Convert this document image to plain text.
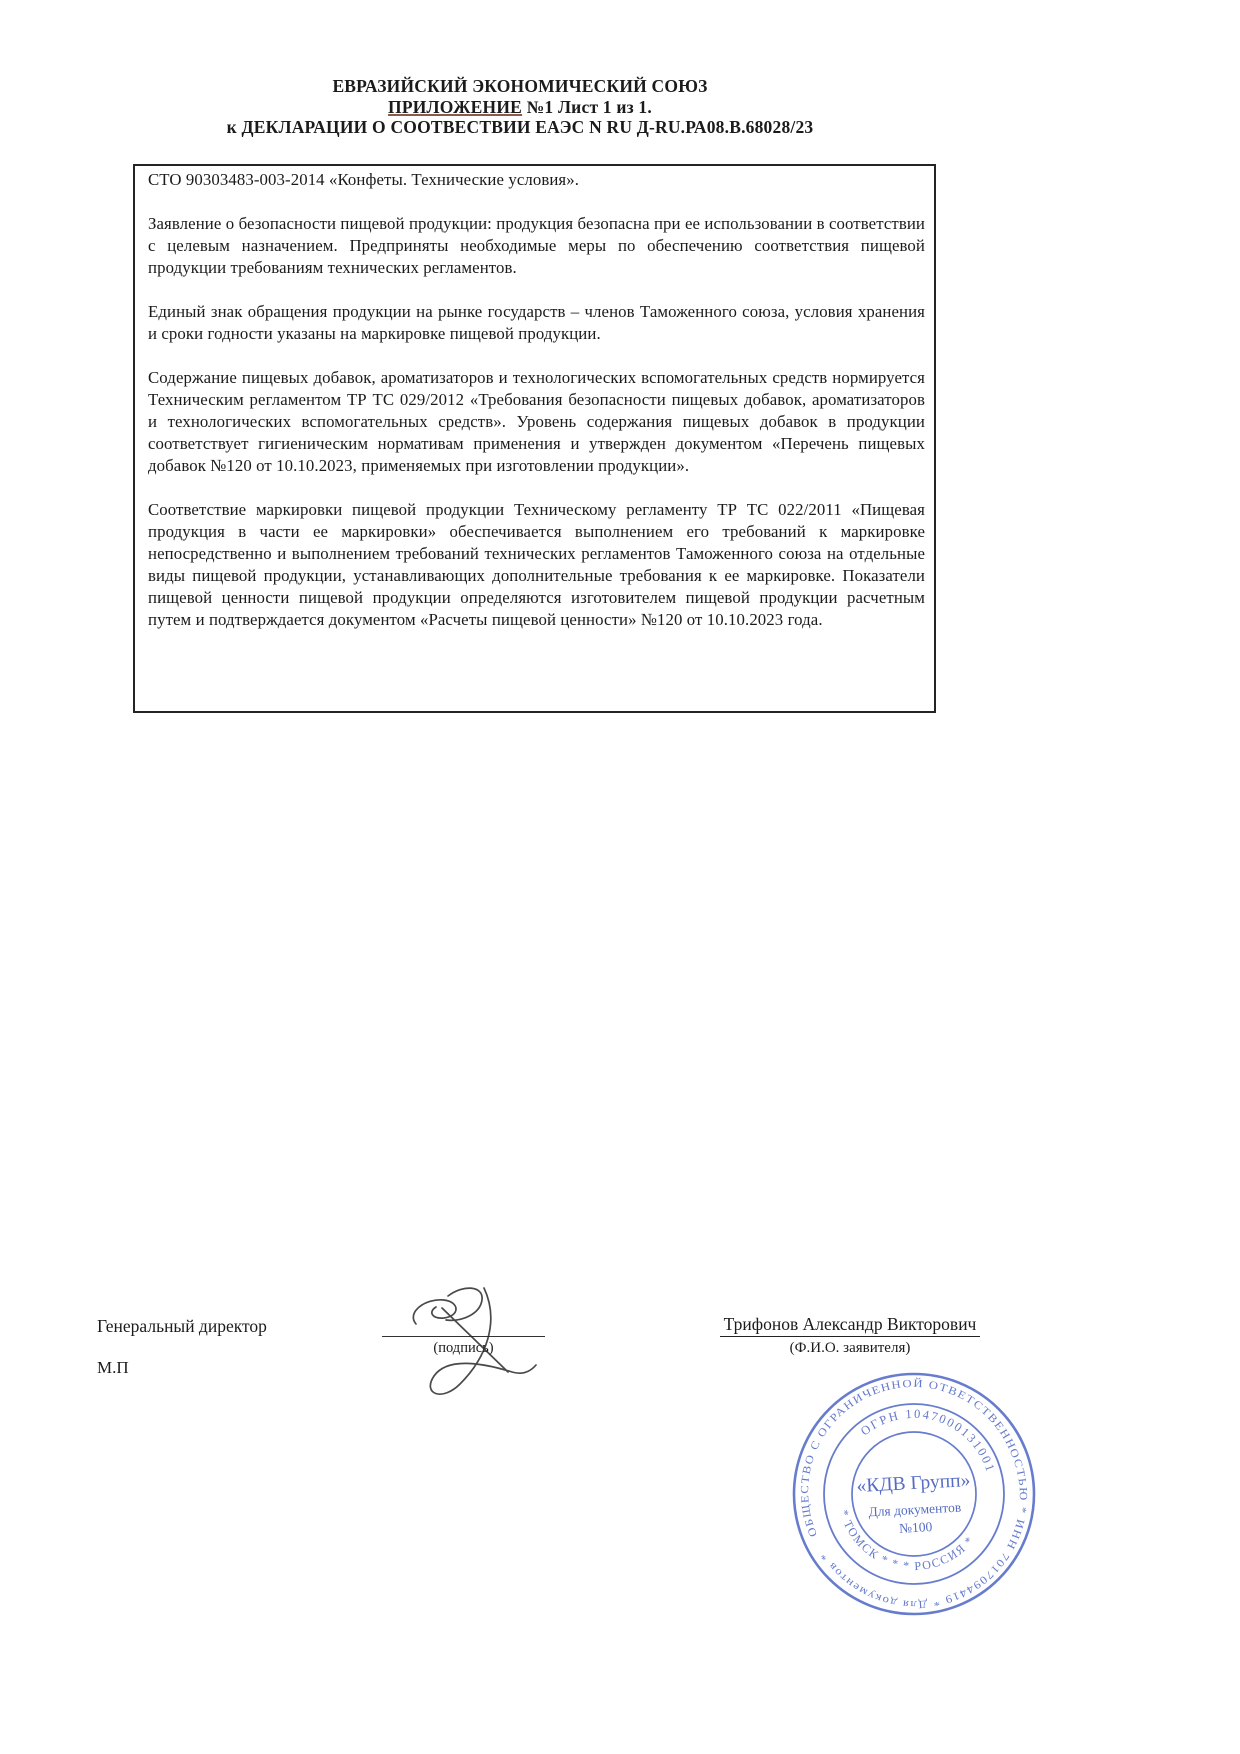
ЕВРАЗИЙСКИЙ ЭКОНОМИЧЕСКИЙ СОЮЗ
ПРИЛОЖЕНИЕ №1 Лист 1 из 1.
к ДЕКЛАРАЦИИ О СООТВЕСТВИИ ЕАЭС N RU Д-RU.РА08.В.68028/23

СТО 90303483-003-2014 «Конфеты. Технические условия».

Заявление о безопасности пищевой продукции: продукция безопасна при ее использовании в соответствии с целевым назначением. Предприняты необходимые меры по обеспечению соответствия пищевой продукции требованиям технических регламентов.

Единый знак обращения продукции на рынке государств – членов Таможенного союза, условия хранения и сроки годности указаны на маркировке пищевой продукции.

Содержание пищевых добавок, ароматизаторов и технологических вспомогательных средств нормируется Техническим регламентом ТР ТС 029/2012 «Требования безопасности пищевых добавок, ароматизаторов и технологических вспомогательных средств». Уровень содержания пищевых добавок в продукции соответствует гигиеническим нормативам применения и утвержден документом «Перечень пищевых добавок №120 от 10.10.2023, применяемых при изготовлении продукции».

Соответствие маркировки пищевой продукции Техническому регламенту ТР ТС 022/2011 «Пищевая продукция в части ее маркировки» обеспечивается выполнением его требований к маркировке непосредственно и выполнением требований технических регламентов Таможенного союза на отдельные виды пищевой продукции, устанавливающих дополнительные требования к ее маркировке. Показатели пищевой ценности пищевой продукции определяются изготовителем пищевой продукции расчетным путем и подтверждается документом «Расчеты пищевой ценности» №120 от 10.10.2023 года.

Генеральный директор
(подпись)
Трифонов Александр Викторович
(Ф.И.О. заявителя)
М.П
ОБЩЕСТВО С ОГРАНИЧЕННОЙ ОТВЕТСТВЕННОСТЬЮ * ИНН 7017094419 * Для документов *
ОГРН 1047000131001
* ТОМСК * * * РОССИЯ *
«КДВ Групп»
Для документов
№100
